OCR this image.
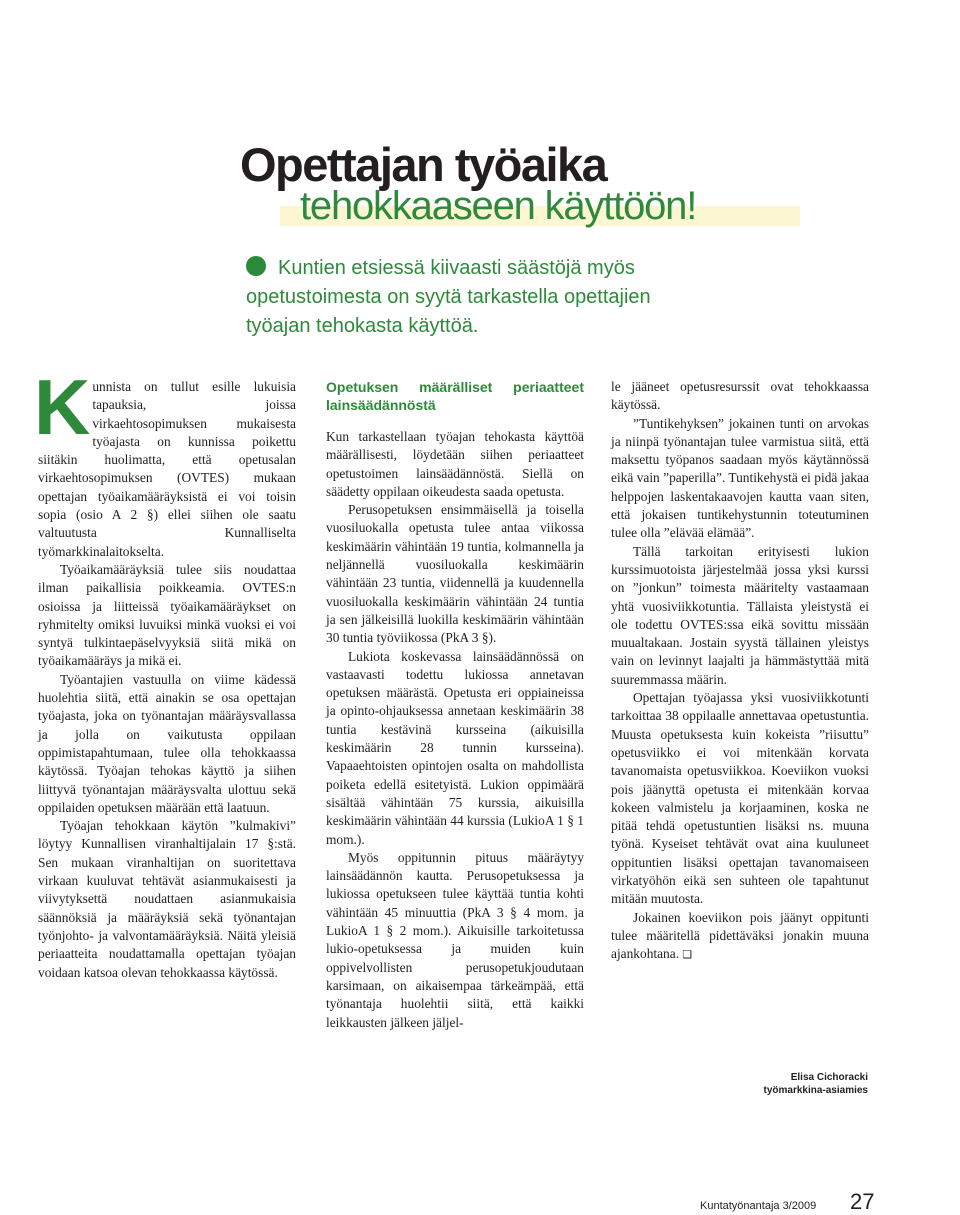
Opettajan työaika
tehokkaaseen käyttöön!
Kuntien etsiessä kiivaasti säästöjä myös opetustoimesta on syytä tarkastella opettajien työajan tehokasta käyttöä.

Kunnista on tullut esille lukuisia tapauksia, joissa virkaehtosopimuksen mukaisesta työajasta on kunnissa poikettu siitäkin huolimatta, että opetusalan virkaehtosopimuksen (OVTES) mukaan opettajan työaikamääräyksistä ei voi toisin sopia (osio A 2 §) ellei siihen ole saatu valtuutusta Kunnalliselta työmarkkinalaitokselta.

Työaikamääräyksiä tulee siis noudattaa ilman paikallisia poikkeamia. OVTES:n osioissa ja liitteissä työaikamääräykset on ryhmitelty omiksi luvuiksi minkä vuoksi ei voi syntyä tulkintaepäselvyyksiä siitä mikä on työaikamääräys ja mikä ei.

Työantajien vastuulla on viime kädessä huolehtia siitä, että ainakin se osa opettajan työajasta, joka on työnantajan määräysvallassa ja jolla on vaikutusta oppilaan oppimistapahtumaan, tulee olla tehokkaassa käytössä. Työajan tehokas käyttö ja siihen liittyvä työnantajan määräysvalta ulottuu sekä oppilaiden opetuksen määrään että laatuun.

Työajan tehokkaan käytön ”kulmakivi” löytyy Kunnallisen viranhaltijalain 17 §:stä. Sen mukaan viranhaltijan on suoritettava virkaan kuuluvat tehtävät asianmukaisesti ja viivytyksettä noudattaen asianmukaisia säännöksiä ja määräyksiä sekä työnantajan työnjohto- ja valvontamääräyksiä. Näitä yleisiä periaatteita noudattamalla opettajan työajan voidaan katsoa olevan tehokkaassa käytössä.

Opetuksen määrälliset periaatteet lainsäädännöstä

Kun tarkastellaan työajan tehokasta käyttöä määrällisesti, löydetään siihen periaatteet opetustoimen lainsäädännöstä. Siellä on säädetty oppilaan oikeudesta saada opetusta.

Perusopetuksen ensimmäisellä ja toisella vuosiluokalla opetusta tulee antaa viikossa keskimäärin vähintään 19 tuntia, kolmannella ja neljännellä vuosiluokalla keskimäärin vähintään 23 tuntia, viidennellä ja kuudennella vuosiluokalla keskimäärin vähintään 24 tuntia ja sen jälkeisillä luokilla keskimäärin vähintään 30 tuntia työviikossa (PkA 3 §).

Lukiota koskevassa lainsäädännössä on vastaavasti todettu lukiossa annetavan opetuksen määrästä. Opetusta eri oppiaineissa ja opinto-ohjauksessa annetaan keskimäärin 38 tuntia kestävinä kursseina (aikuisilla keskimäärin 28 tunnin kursseina). Vapaaehtoisten opintojen osalta on mahdollista poiketa edellä esitetyistä. Lukion oppimäärä sisältää vähintään 75 kurssia, aikuisilla keskimäärin vähintään 44 kurssia (LukioA 1 § 1 mom.).

Myös oppitunnin pituus määräytyy lainsäädännön kautta. Perusopetuksessa ja lukiossa opetukseen tulee käyttää tuntia kohti vähintään 45 minuuttia (PkA 3 § 4 mom. ja LukioA 1 § 2 mom.). Aikuisille tarkoitetussa lukio-opetuksessa ja muiden kuin oppivelvollisten perusopetukjoudutaan karsimaan, on aikaisempaa tärkeämpää, että työnantaja huolehtii siitä, että kaikki leikkausten jälkeen jäljel-

le jääneet opetusresurssit ovat tehokkaassa käytössä.

”Tuntikehyksen” jokainen tunti on arvokas ja niinpä työnantajan tulee varmistua siitä, että maksettu työpanos saadaan myös käytännössä eikä vain ”paperilla”. Tuntikehystä ei pidä jakaa helppojen laskentakaavojen kautta vaan siten, että jokaisen tuntikehystunnin toteutuminen tulee olla ”elävää elämää”.

Tällä tarkoitan erityisesti lukion kurssimuotoista järjestelmää jossa yksi kurssi on ”jonkun” toimesta määritelty vastaamaan yhtä vuosiviikkotuntia. Tällaista yleistystä ei ole todettu OVTES:ssa eikä sovittu missään muualtakaan. Jostain syystä tällainen yleistys vain on levinnyt laajalti ja hämmästyttää mitä suuremmassa määrin.

Opettajan työajassa yksi vuosiviikkotunti tarkoittaa 38 oppilaalle annettavaa opetustuntia. Muusta opetuksesta kuin kokeista ”riisuttu” opetusviikko ei voi mitenkään korvata tavanomaista opetusviikkoa. Koeviikon vuoksi pois jäänyttä opetusta ei mitenkään korvaa kokeen valmistelu ja korjaaminen, koska ne pitää tehdä opetustuntien lisäksi ns. muuna työnä. Kyseiset tehtävät ovat aina kuuluneet oppituntien lisäksi opettajan tavanomaiseen virkatyöhön eikä sen suhteen ole tapahtunut mitään muutosta.

Jokainen koeviikon pois jäänyt oppitunti tulee määritellä pidettäväksi jonakin muuna ajankohtana. ❏

Elisa Cichoracki
työmarkkina-asiamies
Kuntatyönantaja 3/2009 27
